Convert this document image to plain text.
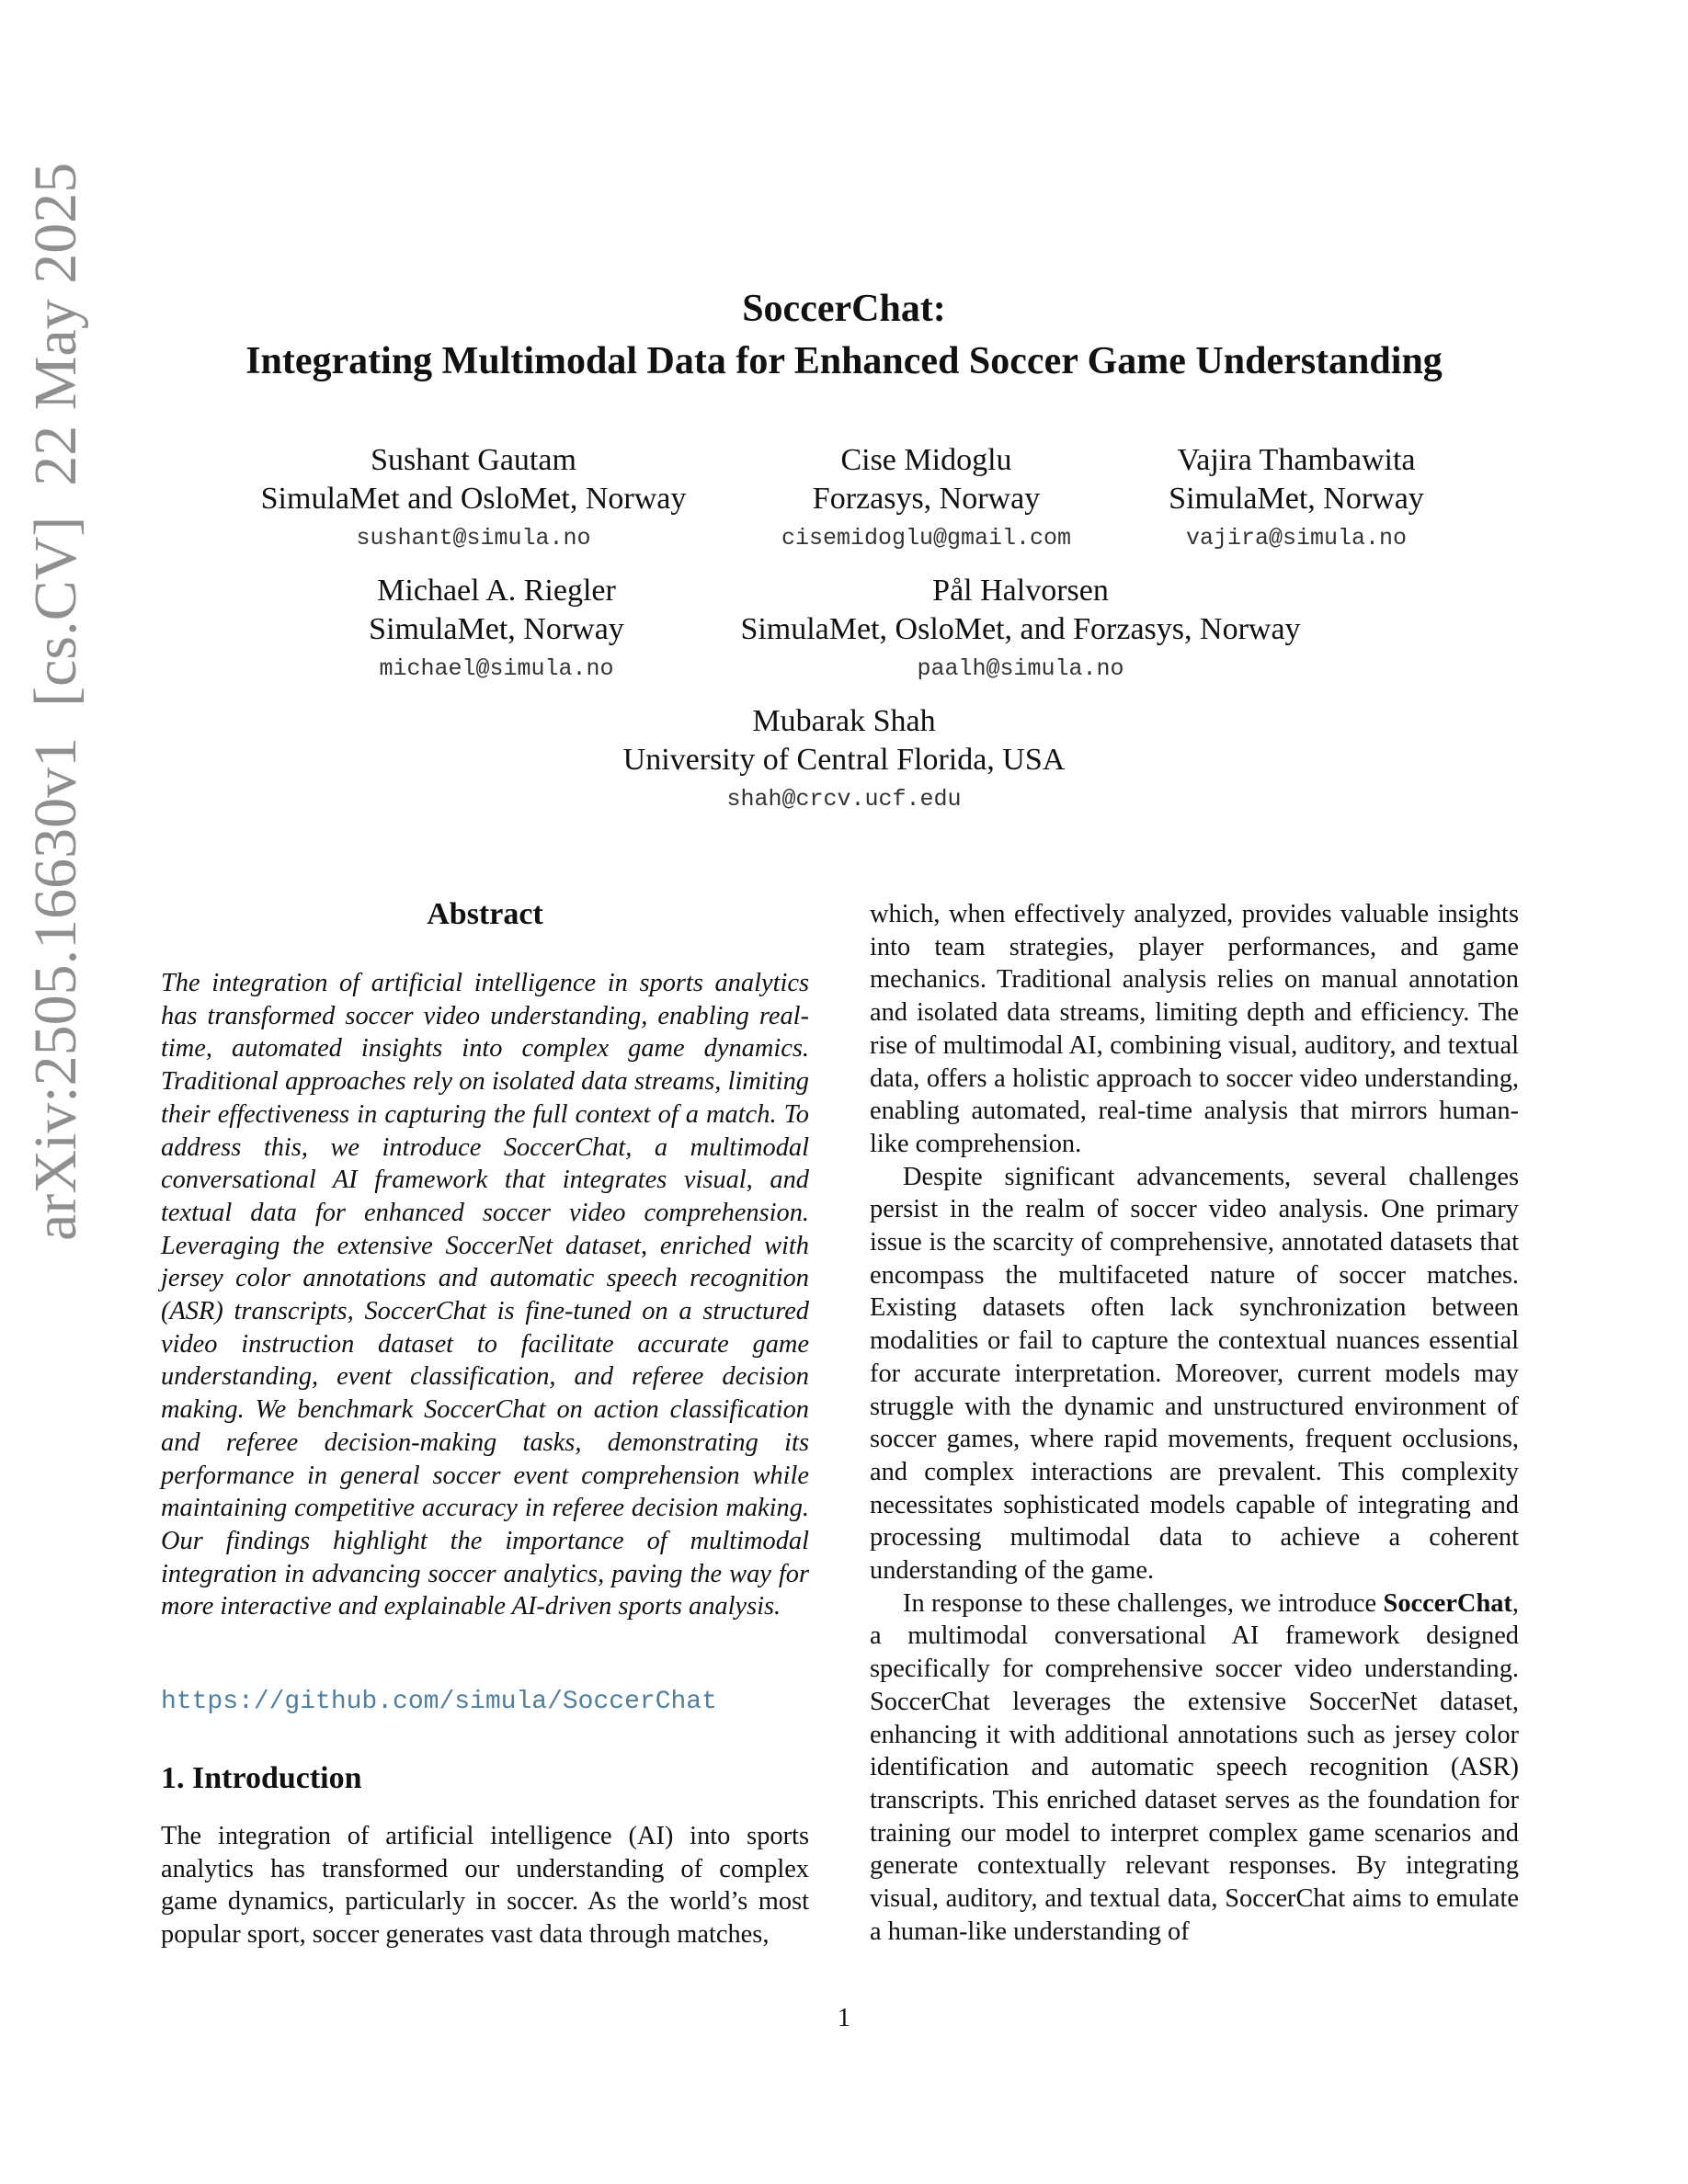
arXiv:2505.16630v1  [cs.CV]  22 May 2025	SoccerChat:
Integrating Multimodal Data for Enhanced Soccer Game Understanding
Sushant Gautam
SimulaMet and OsloMet, Norway
sushant@simula.no
Cise Midoglu
Forzasys, Norway
cisemidoglu@gmail.com
Vajira Thambawita
SimulaMet, Norway
vajira@simula.no
Michael A. Riegler
SimulaMet, Norway
michael@simula.no
Pål Halvorsen
SimulaMet, OsloMet, and Forzasys, Norway
paalh@simula.no
Mubarak Shah
University of Central Florida, USA
shah@crcv.ucf.edu
Abstract
The integration of artificial intelligence in sports analytics has transformed soccer video understanding, enabling real-time, automated insights into complex game dynamics. Traditional approaches rely on isolated data streams, limiting their effectiveness in capturing the full context of a match. To address this, we introduce SoccerChat, a multimodal conversational AI framework that integrates visual, and textual data for enhanced soccer video comprehension. Leveraging the extensive SoccerNet dataset, enriched with jersey color annotations and automatic speech recognition (ASR) transcripts, SoccerChat is fine-tuned on a structured video instruction dataset to facilitate accurate game understanding, event classification, and referee decision making. We benchmark SoccerChat on action classification and referee decision-making tasks, demonstrating its performance in general soccer event comprehension while maintaining competitive accuracy in referee decision making. Our findings highlight the importance of multimodal integration in advancing soccer analytics, paving the way for more interactive and explainable AI-driven sports analysis.
https://github.com/simula/SoccerChat
1. Introduction
The integration of artificial intelligence (AI) into sports analytics has transformed our understanding of complex game dynamics, particularly in soccer. As the world’s most popular sport, soccer generates vast data through matches,

which, when effectively analyzed, provides valuable insights into team strategies, player performances, and game mechanics. Traditional analysis relies on manual annotation and isolated data streams, limiting depth and efficiency. The rise of multimodal AI, combining visual, auditory, and textual data, offers a holistic approach to soccer video understanding, enabling automated, real-time analysis that mirrors human-like comprehension.

Despite significant advancements, several challenges persist in the realm of soccer video analysis. One primary issue is the scarcity of comprehensive, annotated datasets that encompass the multifaceted nature of soccer matches. Existing datasets often lack synchronization between modalities or fail to capture the contextual nuances essential for accurate interpretation. Moreover, current models may struggle with the dynamic and unstructured environment of soccer games, where rapid movements, frequent occlusions, and complex interactions are prevalent. This complexity necessitates sophisticated models capable of integrating and processing multimodal data to achieve a coherent understanding of the game.

In response to these challenges, we introduce SoccerChat, a multimodal conversational AI framework designed specifically for comprehensive soccer video understanding. SoccerChat leverages the extensive SoccerNet dataset, enhancing it with additional annotations such as jersey color identification and automatic speech recognition (ASR) transcripts. This enriched dataset serves as the foundation for training our model to interpret complex game scenarios and generate contextually relevant responses. By integrating visual, auditory, and textual data, SoccerChat aims to emulate a human-like understanding of

1
